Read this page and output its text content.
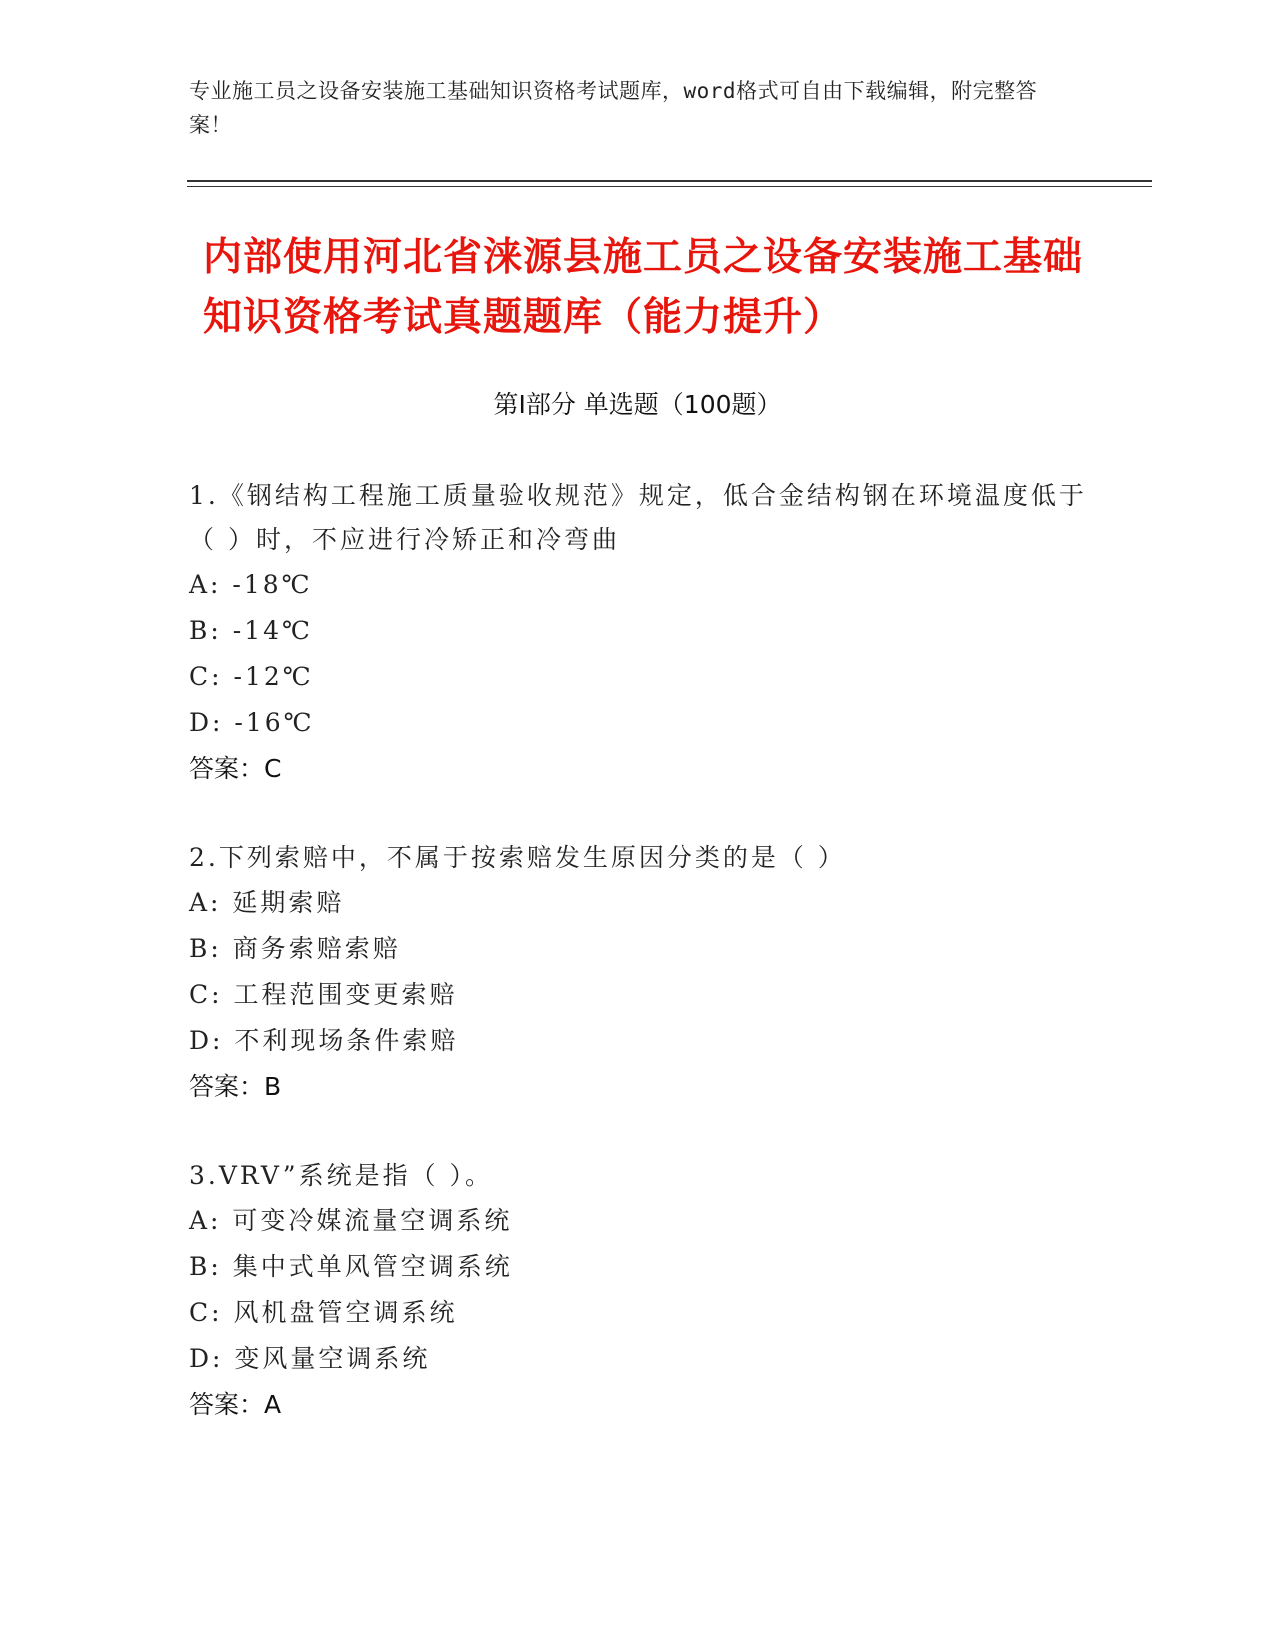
专业施工员之设备安装施工基础知识资格考试题库，word格式可自由下载编辑，附完整答案！
内部使用河北省涞源县施工员之设备安装施工基础知识资格考试真题题库（能力提升）
第Ⅰ部分 单选题（100题）

1.《钢结构工程施工质量验收规范》规定，低合金结构钢在环境温度低于（ ）时，不应进行冷矫正和冷弯曲

A: -18℃

B: -14℃

C: -12℃

D: -16℃

答案：C

2.下列索赔中，不属于按索赔发生原因分类的是（ ）

A: 延期索赔

B: 商务索赔索赔

C: 工程范围变更索赔

D: 不利现场条件索赔

答案：B

3.VRV”系统是指（ ）。

A: 可变冷媒流量空调系统

B: 集中式单风管空调系统

C: 风机盘管空调系统

D: 变风量空调系统

答案：A
